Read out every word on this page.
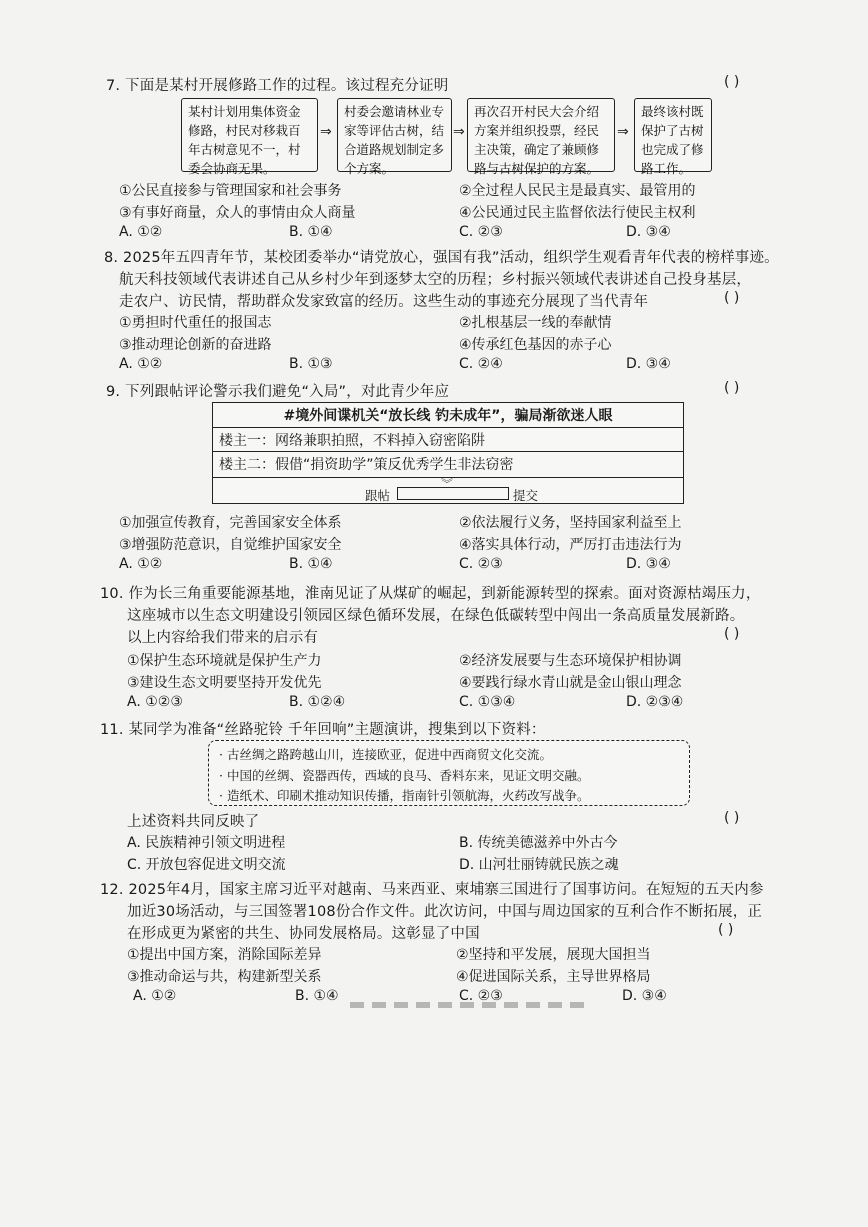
7. 下面是某村开展修路工作的过程。该过程充分证明	( )
某村计划用集体资金修路，村民对移栽百年古树意见不一，村委会协商无果。
⇒
村委会邀请林业专家等评估古树，结合道路规划制定多个方案。
⇒
再次召开村民大会介绍方案并组织投票，经民主决策，确定了兼顾修路与古树保护的方案。
⇒
最终该村既保护了古树也完成了修路工作。
①公民直接参与管理国家和社会事务	②全过程人民民主是最真实、最管用的
③有事好商量，众人的事情由众人商量	④公民通过民主监督依法行使民主权利
A. ①②	B. ①④	C. ②③	D. ③④
8. 2025年五四青年节，某校团委举办“请党放心，强国有我”活动，组织学生观看青年代表的榜样事迹。
航天科技领域代表讲述自己从乡村少年到逐梦太空的历程；乡村振兴领域代表讲述自己投身基层，
走农户、访民情，帮助群众发家致富的经历。这些生动的事迹充分展现了当代青年	( )
①勇担时代重任的报国志	②扎根基层一线的奉献情
③推动理论创新的奋进路	④传承红色基因的赤子心
A. ①②	B. ①③	C. ②④	D. ③④
9. 下列跟帖评论警示我们避免“入局”，对此青少年应	( )
#境外间谍机关“放长线 钓未成年”，骗局渐欲迷人眼
楼主一：网络兼职拍照，不料掉入窃密陷阱
楼主二：假借“捐资助学”策反优秀学生非法窃密
︾
跟帖	提交
①加强宣传教育，完善国家安全体系	②依法履行义务，坚持国家利益至上
③增强防范意识，自觉维护国家安全	④落实具体行动，严厉打击违法行为
A. ①②	B. ①④	C. ②③	D. ③④
10. 作为长三角重要能源基地，淮南见证了从煤矿的崛起，到新能源转型的探索。面对资源枯竭压力，
这座城市以生态文明建设引领园区绿色循环发展，在绿色低碳转型中闯出一条高质量发展新路。
以上内容给我们带来的启示有	( )
①保护生态环境就是保护生产力	②经济发展要与生态环境保护相协调
③建设生态文明要坚持开发优先	④要践行绿水青山就是金山银山理念
A. ①②③	B. ①②④	C. ①③④	D. ②③④
11. 某同学为准备“丝路驼铃 千年回响”主题演讲，搜集到以下资料：
· 古丝绸之路跨越山川，连接欧亚，促进中西商贸文化交流。
· 中国的丝绸、瓷器西传，西域的良马、香料东来，见证文明交融。
· 造纸术、印刷术推动知识传播，指南针引领航海，火药改写战争。
上述资料共同反映了	( )
A. 民族精神引领文明进程	B. 传统美德滋养中外古今
C. 开放包容促进文明交流	D. 山河壮丽铸就民族之魂
12. 2025年4月，国家主席习近平对越南、马来西亚、柬埔寨三国进行了国事访问。在短短的五天内参
加近30场活动，与三国签署108份合作文件。此次访问，中国与周边国家的互利合作不断拓展，正
在形成更为紧密的共生、协同发展格局。这彰显了中国	( )
①提出中国方案，消除国际差异	②坚持和平发展，展现大国担当
③推动命运与共，构建新型关系	④促进国际关系，主导世界格局
A. ①②	B. ①④	C. ②③	D. ③④
